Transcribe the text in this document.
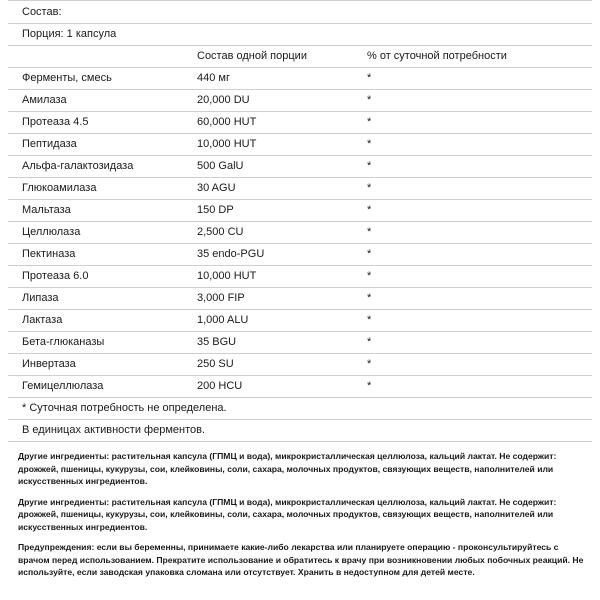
Состав:		
Порция: 1 капсула		
	Состав одной порции	% от суточной потребности
Ферменты, смесь	440 мг	*
Амилаза	20,000 DU	*
Протеаза 4.5	60,000 HUT	*
Пептидаза	10,000 HUT	*
Альфа-галактозидаза	500 GalU	*
Глюкоамилаза	30 AGU	*
Мальтаза	150 DP	*
Целлюлаза	2,500 CU	*
Пектиназа	35 endo-PGU	*
Протеаза 6.0	10,000 HUT	*
Липаза	3,000 FIP	*
Лактаза	1,000 ALU	*
Бета-глюканазы	35 BGU	*
Инвертаза	250 SU	*
Гемицеллюлаза	200 HCU	*
* Суточная потребность не определена.		
В единицах активности ферментов.		

Другие ингредиенты: растительная капсула (ГПМЦ и вода), микрокристаллическая целлюлоза, кальций лактат. Не содержит: дрожжей, пшеницы, кукурузы, сои, клейковины, соли, сахара, молочных продуктов, связующих веществ, наполнителей или искусственных ингредиентов.

Другие ингредиенты: растительная капсула (ГПМЦ и вода), микрокристаллическая целлюлоза, кальций лактат. Не содержит: дрожжей, пшеницы, кукурузы, сои, клейковины, соли, сахара, молочных продуктов, связующих веществ, наполнителей или искусственных ингредиентов.

Предупреждения: если вы беременны, принимаете какие-либо лекарства или планируете операцию - проконсультируйтесь с врачом перед использованием. Прекратите использование и обратитесь к врачу при возникновении любых побочных реакций. Не используйте, если заводская упаковка сломана или отсутствует. Хранить в недоступном для детей месте.
